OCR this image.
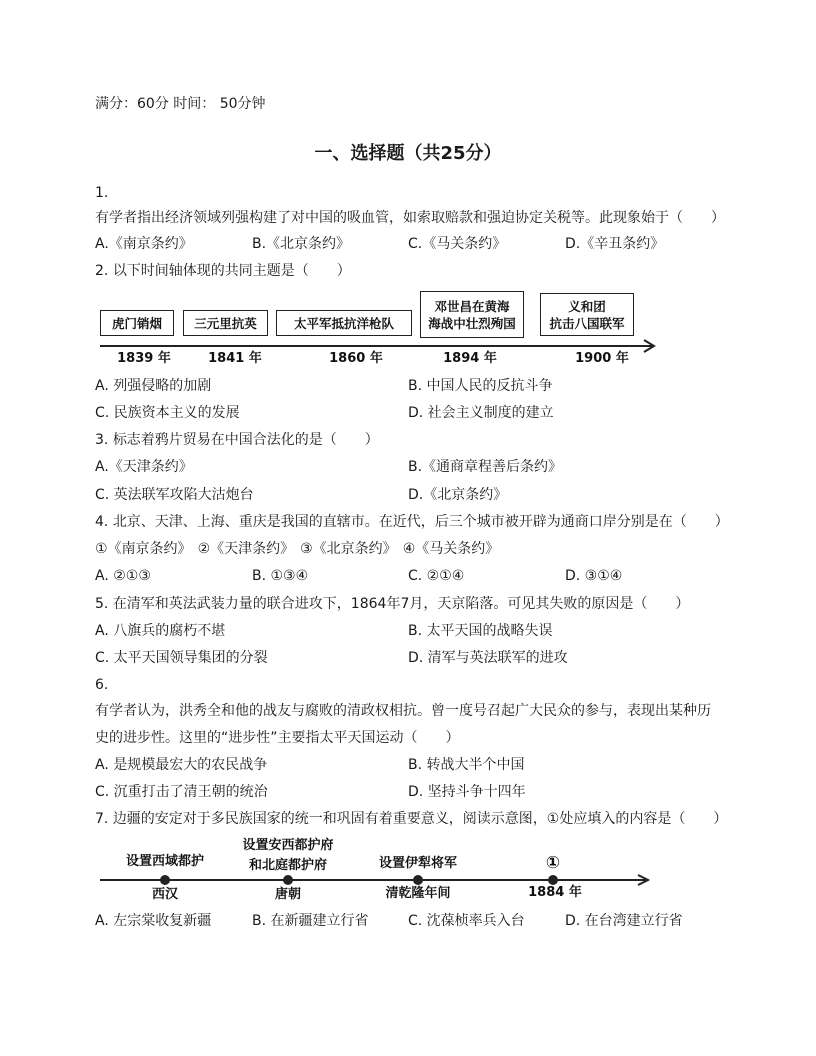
满分：60分 时间： 50分钟
一、选择题（共25分）
1.
有学者指出经济领域列强构建了对中国的吸血管，如索取赔款和强迫协定关税等。此现象始于（　　）
A.《南京条约》	B.《北京条约》	C.《马关条约》	D.《辛丑条约》
2. 以下时间轴体现的共同主题是（　　）
虎门销烟	三元里抗英	太平军抵抗洋枪队
邓世昌在黄海
海战中壮烈殉国
义和团
抗击八国联军
1839 年	1841 年	1860 年	1894 年	1900 年
A. 列强侵略的加剧	B. 中国人民的反抗斗争
C. 民族资本主义的发展	D. 社会主义制度的建立
3. 标志着鸦片贸易在中国合法化的是（　　）
A.《天津条约》	B.《通商章程善后条约》
C. 英法联军攻陷大沽炮台	D.《北京条约》
4. 北京、天津、上海、重庆是我国的直辖市。在近代，后三个城市被开辟为通商口岸分别是在（　　）
①《南京条约》 ②《天津条约》 ③《北京条约》 ④《马关条约》
A. ②①③	B. ①③④	C. ②①④	D. ③①④
5. 在清军和英法武装力量的联合进攻下，1864年7月，天京陷落。可见其失败的原因是（　　）
A. 八旗兵的腐朽不堪	B. 太平天国的战略失误
C. 太平天国领导集团的分裂	D. 清军与英法联军的进攻
6.
有学者认为，洪秀全和他的战友与腐败的清政权相抗。曾一度号召起广大民众的参与，表现出某种历
史的进步性。这里的“进步性”主要指太平天国运动（　　）
A. 是规模最宏大的农民战争	B. 转战大半个中国
C. 沉重打击了清王朝的统治	D. 坚持斗争十四年
7. 边疆的安定对于多民族国家的统一和巩固有着重要意义，阅读示意图，①处应填入的内容是（　　）
设置西域都护
设置安西都护府
和北庭都护府	设置伊犁将军	①
西汉	唐朝	清乾隆年间	1884 年
A. 左宗棠收复新疆	B. 在新疆建立行省	C. 沈葆桢率兵入台	D. 在台湾建立行省
